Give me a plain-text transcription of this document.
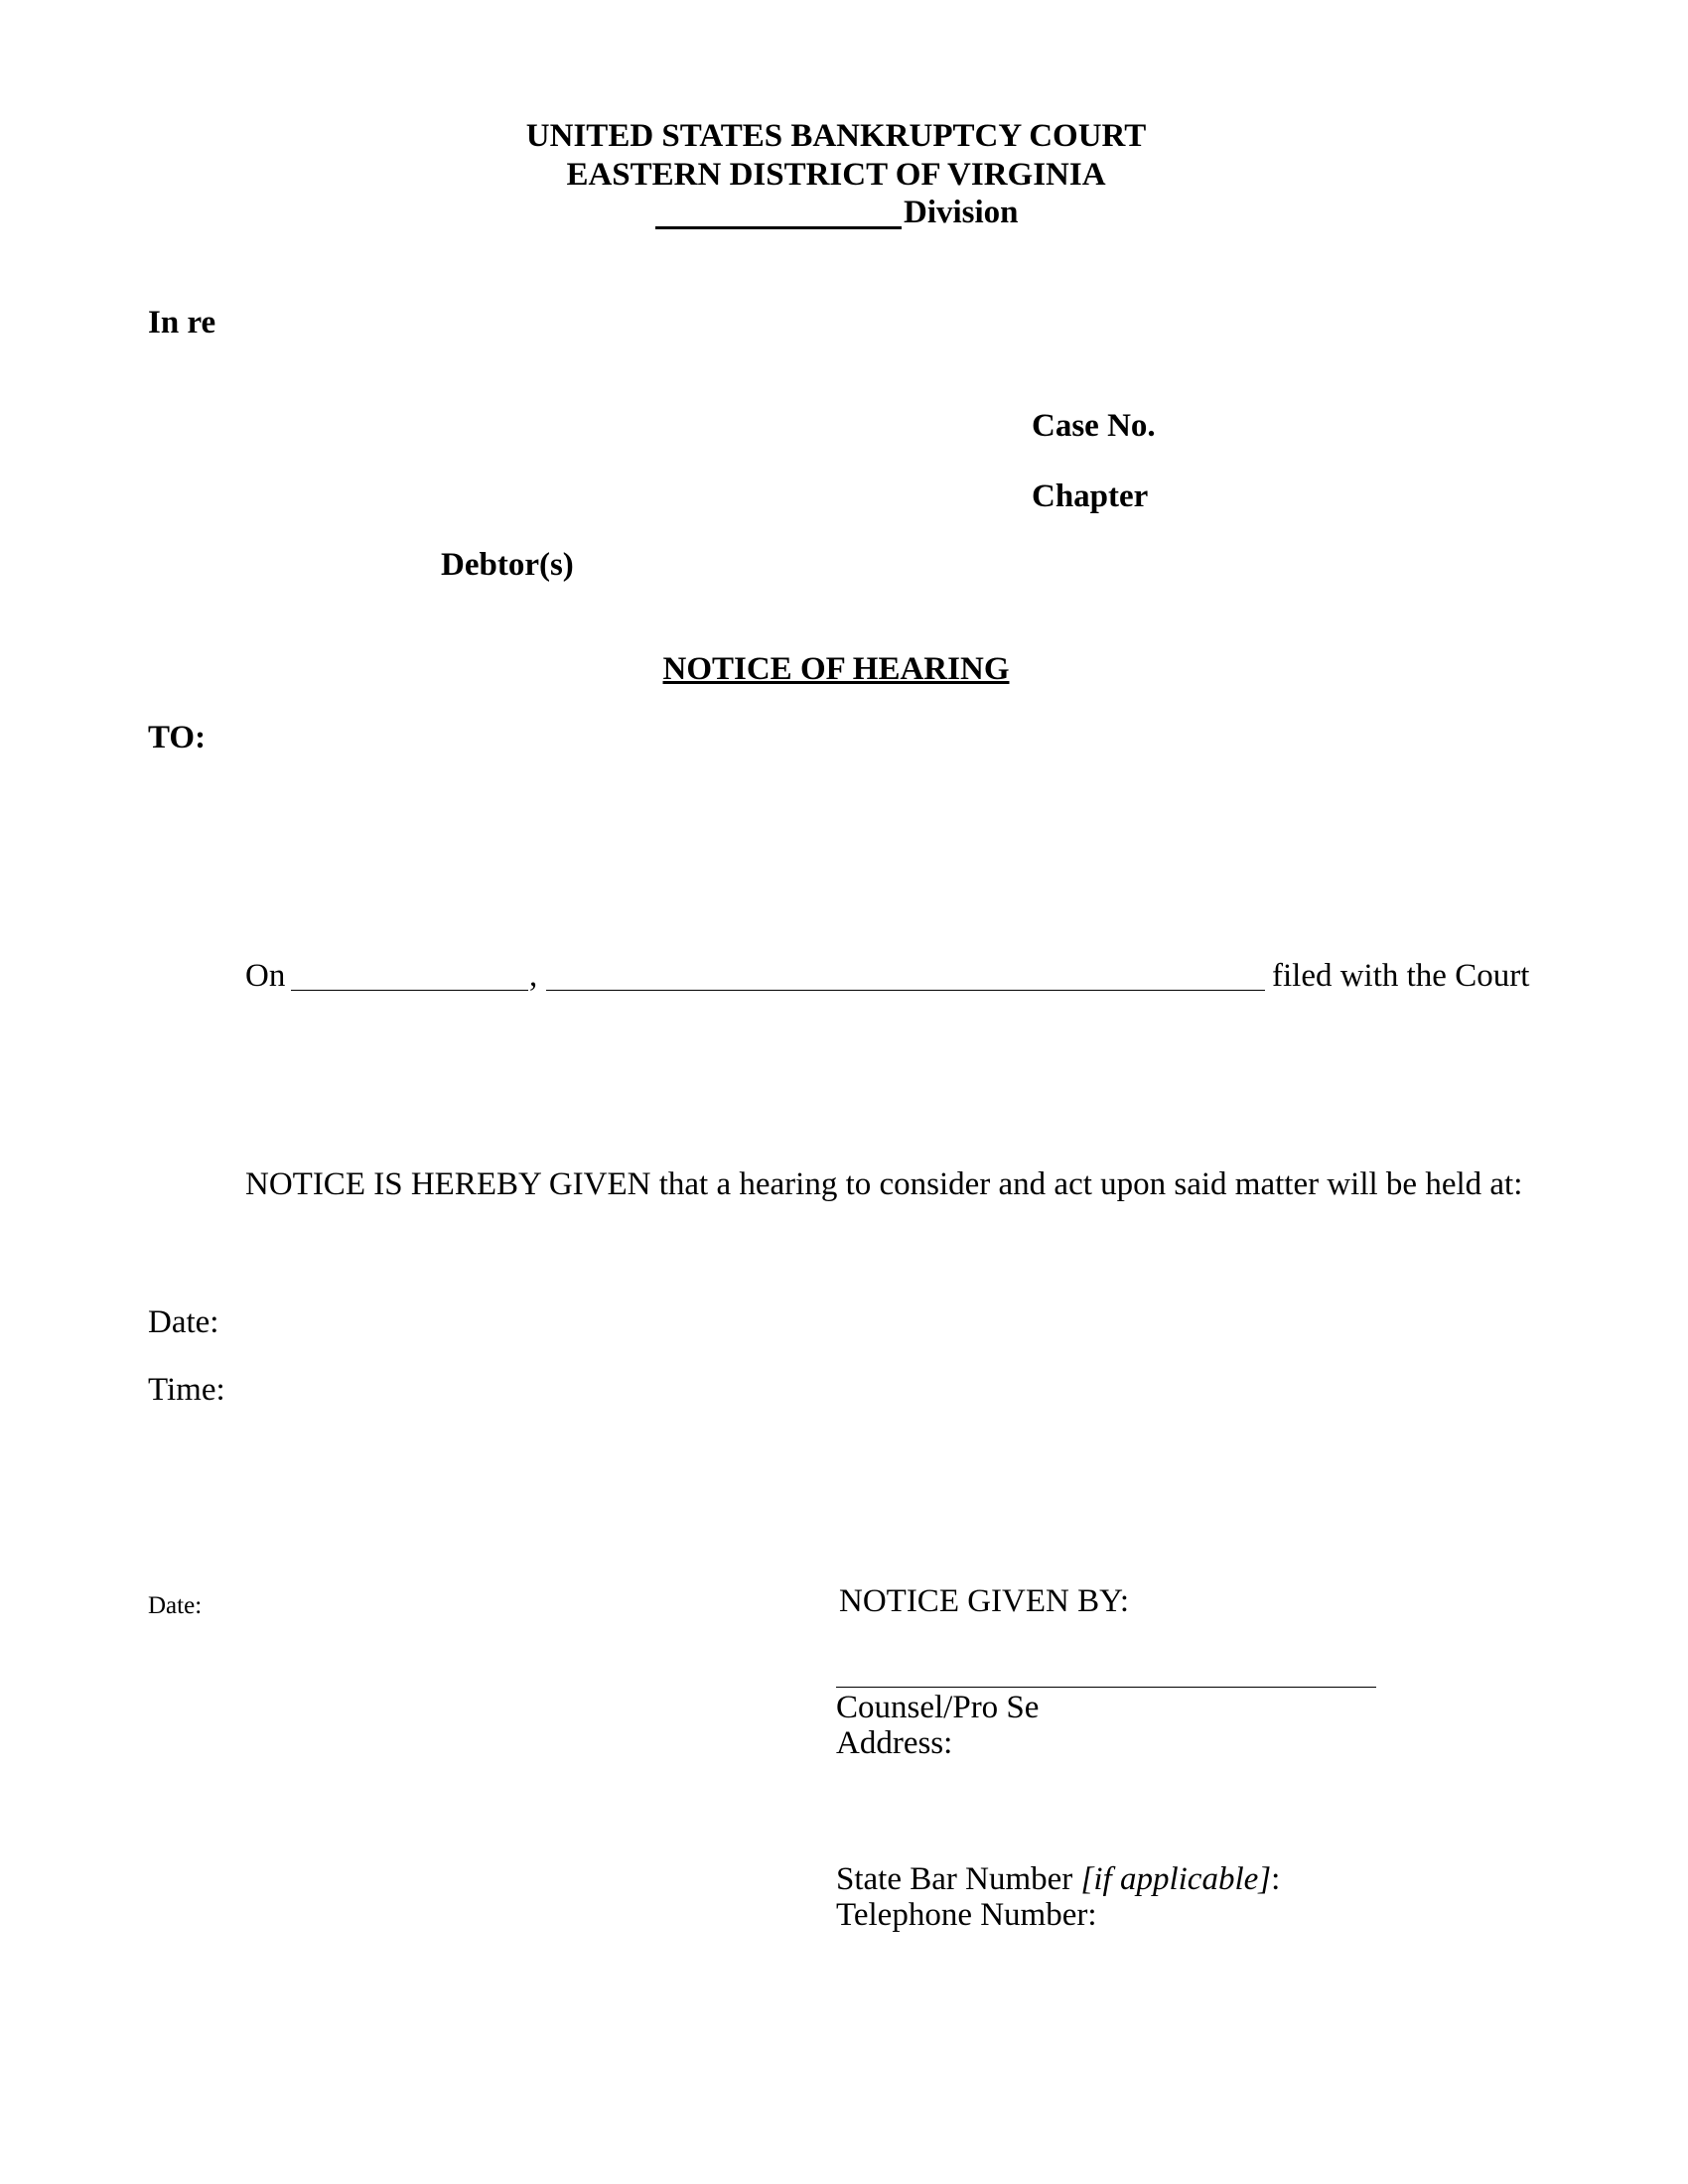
UNITED STATES BANKRUPTCY COURT
EASTERN DISTRICT OF VIRGINIA
Division
In re
Case No.
Chapter
Debtor(s)
NOTICE OF HEARING
TO:
On	,	filed with the Court
NOTICE IS HEREBY GIVEN that a hearing to consider and act upon said matter will be held at:
Date:
Time:
Date:	NOTICE GIVEN BY:
Counsel/Pro Se
Address:
State Bar Number [if applicable]:
Telephone Number:
